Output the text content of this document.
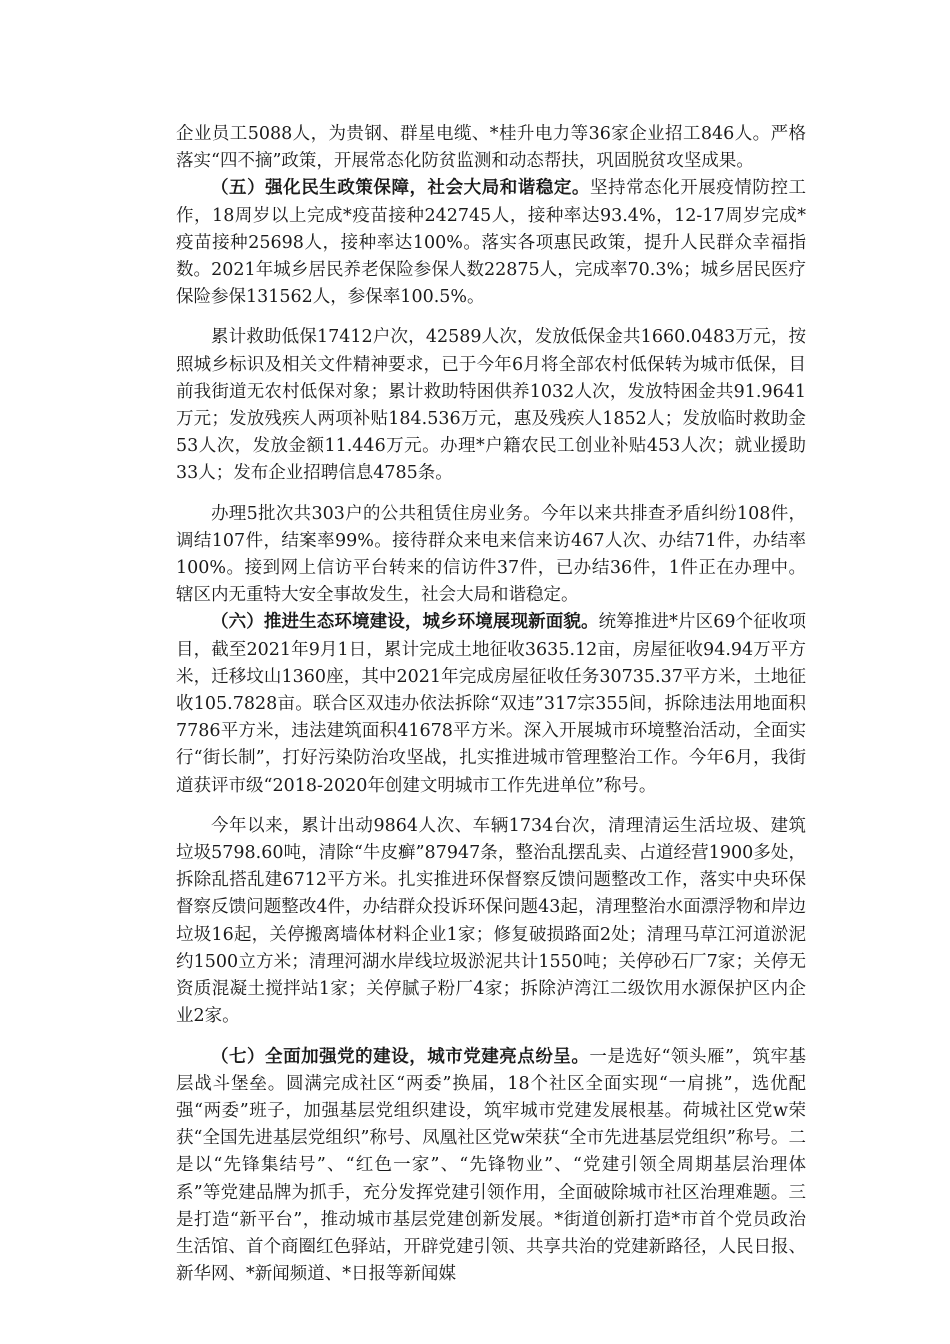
企业员工5088人，为贵钢、群星电缆、*桂升电力等36家企业招工846人。严格落实“四不摘”政策，开展常态化防贫监测和动态帮扶，巩固脱贫攻坚成果。

（五）强化民生政策保障，社会大局和谐稳定。坚持常态化开展疫情防控工作，18周岁以上完成*疫苗接种242745人，接种率达93.4%，12-17周岁完成*疫苗接种25698人，接种率达100%。落实各项惠民政策，提升人民群众幸福指数。2021年城乡居民养老保险参保人数22875人，完成率70.3%；城乡居民医疗保险参保131562人，参保率100.5%。

累计救助低保17412户次，42589人次，发放低保金共1660.0483万元，按照城乡标识及相关文件精神要求，已于今年6月将全部农村低保转为城市低保，目前我街道无农村低保对象；累计救助特困供养1032人次，发放特困金共91.9641万元；发放残疾人两项补贴184.536万元，惠及残疾人1852人；发放临时救助金53人次，发放金额11.446万元。办理*户籍农民工创业补贴453人次；就业援助33人；发布企业招聘信息4785条。

办理5批次共303户的公共租赁住房业务。今年以来共排查矛盾纠纷108件，调结107件，结案率99%。接待群众来电来信来访467人次、办结71件，办结率100%。接到网上信访平台转来的信访件37件，已办结36件，1件正在办理中。辖区内无重特大安全事故发生，社会大局和谐稳定。

（六）推进生态环境建设，城乡环境展现新面貌。统筹推进*片区69个征收项目，截至2021年9月1日，累计完成土地征收3635.12亩，房屋征收94.94万平方米，迁移坟山1360座，其中2021年完成房屋征收任务30735.37平方米，土地征收105.7828亩。联合区双违办依法拆除“双违”317宗355间，拆除违法用地面积7786平方米，违法建筑面积41678平方米。深入开展城市环境整治活动，全面实行“街长制”，打好污染防治攻坚战，扎实推进城市管理整治工作。今年6月，我街道获评市级“2018-2020年创建文明城市工作先进单位”称号。

今年以来，累计出动9864人次、车辆1734台次，清理清运生活垃圾、建筑垃圾5798.60吨，清除“牛皮癣”87947条，整治乱摆乱卖、占道经营1900多处，拆除乱搭乱建6712平方米。扎实推进环保督察反馈问题整改工作，落实中央环保督察反馈问题整改4件，办结群众投诉环保问题43起，清理整治水面漂浮物和岸边垃圾16起，关停搬离墙体材料企业1家；修复破损路面2处；清理马草江河道淤泥约1500立方米；清理河湖水岸线垃圾淤泥共计1550吨；关停砂石厂7家；关停无资质混凝土搅拌站1家；关停腻子粉厂4家；拆除泸湾江二级饮用水源保护区内企业2家。

（七）全面加强党的建设，城市党建亮点纷呈。一是选好“领头雁”，筑牢基层战斗堡垒。圆满完成社区“两委”换届，18个社区全面实现“一肩挑”，选优配强“两委”班子，加强基层党组织建设，筑牢城市党建发展根基。荷城社区党w荣获“全国先进基层党组织”称号、凤凰社区党w荣获“全市先进基层党组织”称号。二是以“先锋集结号”、“红色一家”、“先锋物业”、“党建引领全周期基层治理体系”等党建品牌为抓手，充分发挥党建引领作用，全面破除城市社区治理难题。三是打造“新平台”，推动城市基层党建创新发展。*街道创新打造*市首个党员政治生活馆、首个商圈红色驿站，开辟党建引领、共享共治的党建新路径，人民日报、新华网、*新闻频道、*日报等新闻媒
